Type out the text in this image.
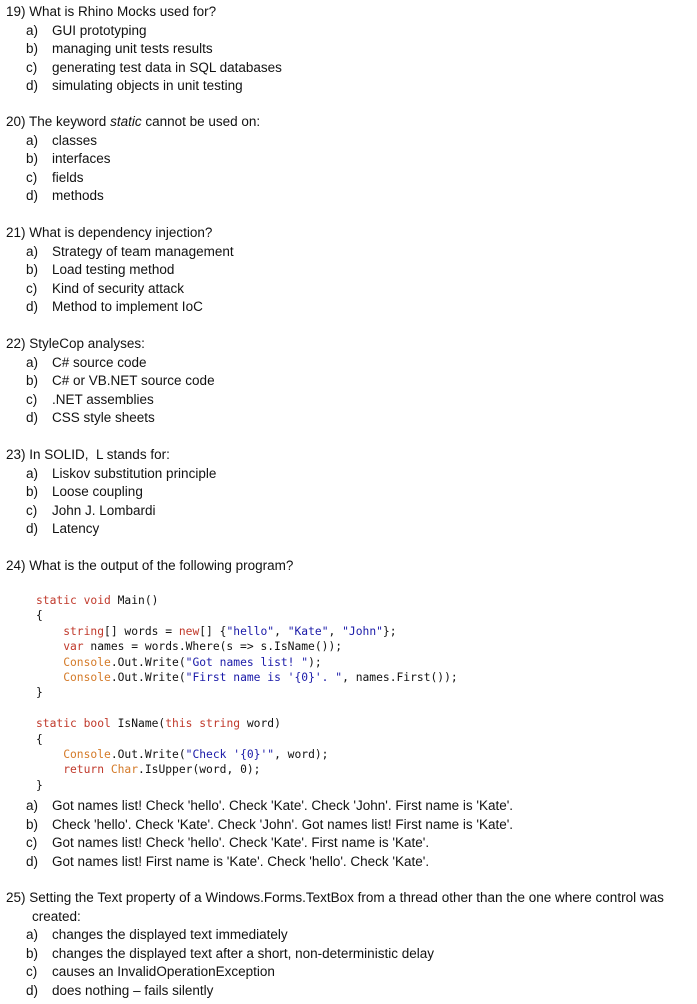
19) What is Rhino Mocks used for?
a) GUI prototyping
b) managing unit tests results
c) generating test data in SQL databases
d) simulating objects in unit testing
20) The keyword static cannot be used on:
a) classes
b) interfaces
c) fields
d) methods
21) What is dependency injection?
a) Strategy of team management
b) Load testing method
c) Kind of security attack
d) Method to implement IoC
22) StyleCop analyses:
a) C# source code
b) C# or VB.NET source code
c) .NET assemblies
d) CSS style sheets
23) In SOLID,  L stands for:
a) Liskov substitution principle
b) Loose coupling
c) John J. Lombardi
d) Latency
24) What is the output of the following program?

static void Main()
{
string[] words = new[] {"hello", "Kate", "John"};
var names = words.Where(s => s.IsName());
Console.Out.Write("Got names list! ");
Console.Out.Write("First name is '{0}'. ", names.First());
}

static bool IsName(this string word)
{
Console.Out.Write("Check '{0}'", word);
return Char.IsUpper(word, 0);
}
a) Got names list! Check 'hello'. Check 'Kate'. Check 'John'. First name is 'Kate'.
b) Check 'hello'. Check 'Kate'. Check 'John'. Got names list! First name is 'Kate'.
c) Got names list! Check 'hello'. Check 'Kate'. First name is 'Kate'.
d) Got names list! First name is 'Kate'. Check 'hello'. Check 'Kate'.
25) Setting the Text property of a Windows.Forms.TextBox from a thread other than the one where control was
created:
a) changes the displayed text immediately
b) changes the displayed text after a short, non-deterministic delay
c) causes an InvalidOperationException
d) does nothing – fails silently
